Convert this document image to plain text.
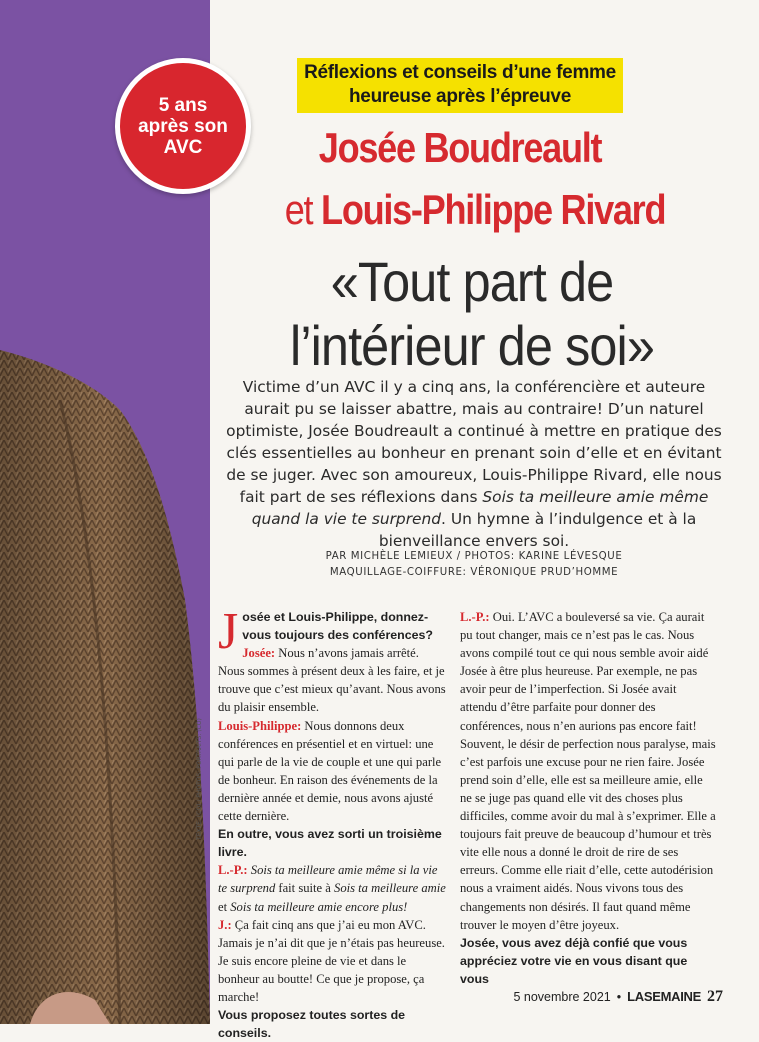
5 ans
après son
AVC
Réflexions et conseils d’une femme
heureuse après l’épreuve
Josée Boudreault
et Louis-Philippe Rivard
«Tout part de
l’intérieur de soi»
Victime d’un AVC il y a cinq ans, la conférencière et auteure aurait pu se laisser abattre, mais au contraire! D’un naturel optimiste, Josée Boudreault a continué à mettre en pratique des clés essentielles au bonheur en prenant soin d’elle et en évitant de se juger. Avec son amoureux, Louis-Philippe Rivard, elle nous fait part de ses réflexions dans Sois ta meilleure amie même quand la vie te surprend. Un hymne à l’indulgence et à la bienveillance envers soi.
PAR MICHÈLE LEMIEUX / PHOTOS: KARINE LÉVESQUE
MAQUILLAGE-COIFFURE: VÉRONIQUE PRUD’HOMME
TEXTE: (CO) / PHOTOS: PORTRAITS: (CO)

Josée et Louis-Philippe, donnez-vous toujours des conférences?

Josée: Nous n’avons jamais arrêté. Nous sommes à présent deux à les faire, et je trouve que c’est mieux qu’avant. Nous avons du plaisir ensemble.

Louis-Philippe: Nous donnons deux conférences en présentiel et en virtuel: une qui parle de la vie de couple et une qui parle de bonheur. En raison des événements de la dernière année et demie, nous avons ajusté cette dernière.

En outre, vous avez sorti un troisième livre.

L.-P.: Sois ta meilleure amie même si la vie te surprend fait suite à Sois ta meilleure amie et Sois ta meilleure amie encore plus!

J.: Ça fait cinq ans que j’ai eu mon AVC. Jamais je n’ai dit que je n’étais pas heureuse. Je suis encore pleine de vie et dans le bonheur au boutte! Ce que je propose, ça marche!

Vous proposez toutes sortes de conseils.

L.-P.: Oui. L’AVC a bouleversé sa vie. Ça aurait pu tout changer, mais ce n’est pas le cas. Nous avons compilé tout ce qui nous semble avoir aidé Josée à être plus heureuse. Par exemple, ne pas avoir peur de l’imperfection. Si Josée avait attendu d’être parfaite pour donner des conférences, nous n’en aurions pas encore fait! Souvent, le désir de perfection nous paralyse, mais c’est parfois une excuse pour ne rien faire. Josée prend soin d’elle, elle est sa meilleure amie, elle ne se juge pas quand elle vit des choses plus difficiles, comme avoir du mal à s’exprimer. Elle a toujours fait preuve de beaucoup d’humour et très vite elle nous a donné le droit de rire de ses erreurs. Comme elle riait d’elle, cette autodérision nous a vraiment aidés. Nous vivons tous des changements non désirés. Il faut quand même trouver le moyen d’être joyeux.

Josée, vous avez déjà confié que vous appréciez votre vie en vous disant que vous

5 novembre 2021 • LASEMAINE 27
